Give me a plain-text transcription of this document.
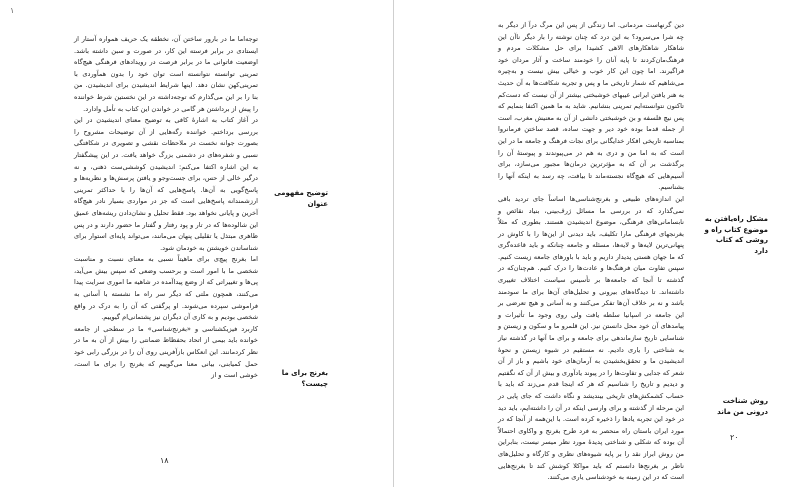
۱

توجه‌اما ما در بارور ساختن آن، نخطقه یک حریف همواره آستار از ایستادی در برابر فرسته‌ این کار، در صورت و سبن داشته باشد. اوضعیت فاتوانی ما در برابر فرصت در رویدادهای فرهنگی هیچ‌گاه تمرینی توانسته نتوانسته است توان خود را بدون همآوردی با تمرینی‌کهن نشان دهد. اینها شرایط اندیشیدن برای اندیشیدن. من بنا را بر این می‌گذارم که توجه‌داشته در این نخستین شرط خواننده را پیش از برداشتن هر گامی در خواندن این کتاب به تأمل وادارد.

در آغاز کتاب به اشارهٔ کافی به توضیح معنای اندیشیدن در این بررسی برداختم. خواننده رگه‌هایی از آن توضیحات مشروح را بصورت جوانه نخست در ملاحظات نقشی و تصویری در شکافتگی نسبی و شفره‌های در دشمنی بزرگ خواهد یافت. در این پیشگفتار به این اشاره اکتفا می‌کنم: اندیشیدن کوششی‌ست ذهنی، و نه درگیر خالی از حس، برای جست‌وجو و یافتن پرسش‌ها و نظریه‌ها و پاسخ‌گویی به آن‌ها. پاسخ‌هایی که آن‌ها را با حداکثر تمرینی ارزشمندانه پاسخ‌هایی است که جز در مواردی بسیار نادر هیچ‌گاه آخرین و پایانی نخواهد بود. فقط تحلیل و نشان‌دادن ریشه‌های عمیق این شالوده‌ها که در تار و پود رفتار و گفتار ما حضور دارند و در پس ظاهری مبتذل یا تقلیلی پنهان می‌مانند، می‌تواند پایه‌ای استوار برای شناساندن خویشتن به خودمان شود.

اما بغرنج پیچ‌ی برای ماهیتاً نسبی به معنای نسبت و مناسبت شخصی ما با امور است و برحسب وضعی که سپس بیش می‌آید، پی‌ها و تغییراتی که از وضع پیدا‌آمده در شاهیه ما اموری سرایت پیدا می‌کنند، همچون ملتی که دیگر سر راه ما نشسته با آسانی به فراموشی سپرده می‌شوند. او پرگفتی که آن را به درک در واقع شخصی بودیم و به کاری آن دیگران نیز پشتمانی‌ام گیوییم.

کاربرد فیزیکشناسی و «بغرنج‌شناسی» ما در سطحی از جامعه خوانده باید بیمی از اتحاد بحفظاظ ضمانتی را بیش از آن به ما در نظر کردمانند. این انعکاس بازآفرینی روی آن را در بزرگی رابی خود حمل کمیابنی، بیانی معنا می‌گوییم که بغرنج را برای ما است، خوشی است و از

توضیح مفهومی عنوان
بغرنج برای ما چیست؟
۱۸

دین گرنهاست مردمانی. اما زندگی از پس این مرگ درآ از دیگر به چه شرا می‌سرود؟ به این درد که چنان نوشته را بار دیگر ناآن این شاهکار شاهکارهای الاهی کشیدا برای حل مشکلات مردم و فرهنگ‌مان‌کردند تا پایه آنان را خودمند ساخت و آثار مردان خود فراگیرند. اما چون این کار خوب و خیالی بیش نیست و به‌چیره می‌شاهیم که شمار تاریخی ما و پس و تجربه شکافت‌ها به آن حدیث به هنر یافتن ایرانی عیبهای خوشبختی بیشتر از آن نیست که دست‌کم تاکنون نتوانسته‌ایم تمرینی بنشانیم. شاید به ما همین اکتفا بنمایم که پس نیچ فلسفه و بن خوشبختی دانشی از آن به معنیش مغرب، است از جمله قدما بوده خود دیر و جهت ساده، قصد ساختن فرمانروا بمناسبه تاریخی افکار خدایگانی برای نجات فرهنگ و جامعه ما در این است که به اما من و دری به هم در می‌پیوندند و پیوستهٔ آن را برگذشت بر آن که به مؤثرترین درمان‌ها مجبور می‌سازد، برای آسیم‌هایی که هیچ‌گاه نجسته‌ماند تا بیافت، چه رسد به اینکه آنها را بشناسیم.

این اندازه‌های طبیعی و بغرنج‌شناسی‌ها اساساً جای تردید باقی نمی‌گذارد که در بررسی ما مسائل ژرف‌بینی، بنیاد نقائص و نابسامانی‌های فرهنگی، موضوع اندیشیدن هستند. بطوری که مثلاً بغرنجهای فرهنگی مارا تکلیف، باید دیدنی از این‌ها را با کاوش در پنهانی‌ترین لایه‌ها و لایه‌ها، مسئله و جامعه چنانکه و باید قاعده‌گری که ما جهان هستی پدیدار داریم و باید با باورهای جامعه زیست کنیم. سپس تفاوت میان فرهنگ‌ها و عادت‌ها را درک کنیم. هم‌چنان‌که در گذشته تا آنجا که جامعه‌ها بر تأسیس سیاست اختلاف تغییری داشته‌اند. تا دیدگاه‌های بیرونی و تحلیل‌های آن‌ها برای ما سودمند باشد و نه بر خلاف آن‌ها تفکر می‌کنند و به آسانی و هیچ تعرضی بر این جامعه در اسپانیا سلطه یافت ولی روی وجود ما تأثیرات و پیامدهای آن خود محل دانستن نیز. این قلمرو ما و سکون و زیستن و شناسایی تاریخ سازماندهی برای جامعه و برای ما آنها در گذشته نیاز به شناختی را یاری دادیم. نه مستقیم در شیوه زیستن و نحوهٔ اندیشیدن ما و تحقق‌بخشیدن به آرمان‌های خود باشیم و باز از آن شعر که جدایی و تفاوت‌ها را در پیوند یادآوری و بیش از آن که نگفتیم و دیدیم و تاریخ را شناسیم که هر که اینجا قدم می‌زند که باید با حساب کشمکش‌های تاریخی بیندیشد و نگاه داشت که جای پایی در این مرحله از گذشته و برای وارسی اینکه در آن را داشته‌ایم، باید دید در خود این تجربه یادها را ذخیره کرده است. با این‌همه از آنجا که در مورد ایران باستان راه منحصر به فرد طرح بغرنج و واکاوی احتمالاً آن بوده که شکلی و شناختی پدیدهٔ مورد نظر میسر نیست، بنابراین من روش ابراز نقد را بر پایه شیوه‌های نظری و کارگاه و تحلیل‌های ناظر بر بغرنج‌ها دانستم که باید مواکلا کوشش کند تا بغرنج‌هایی است که در این زمینه به خودشناسی یاری می‌کنند.

مشکل راه‌یافتن به موضوع کتاب راه و روشی که کتاب دارد
روش شناخت درونی من ماند
۲۰
